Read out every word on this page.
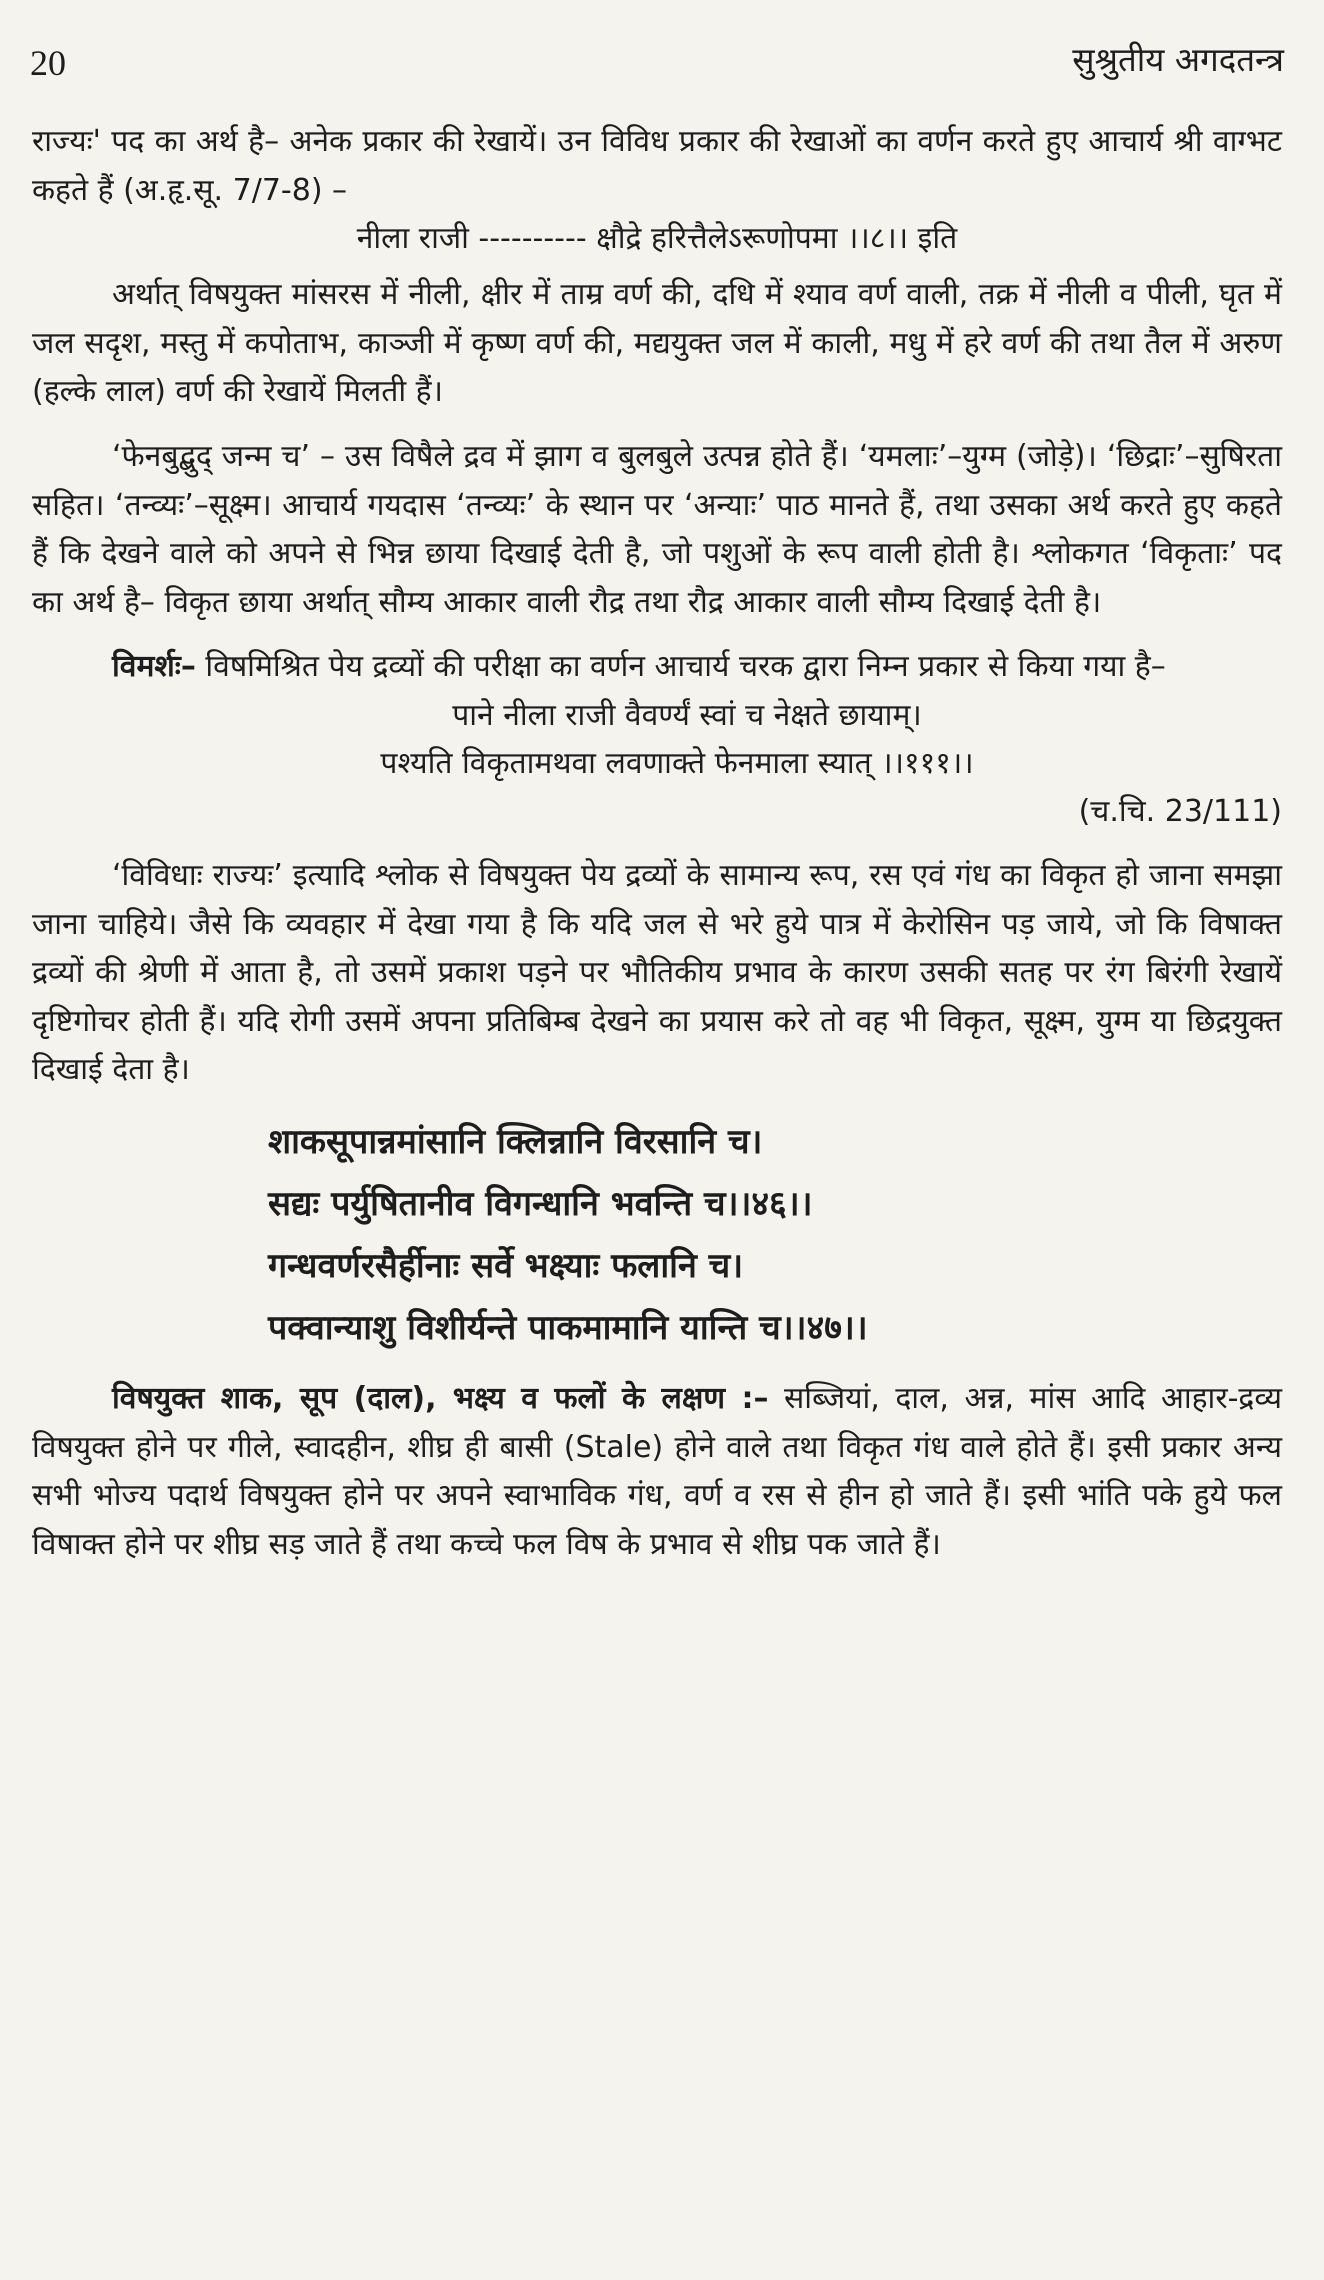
20	सुश्रुतीय अगदतन्त्र

राज्यः' पद का अर्थ है– अनेक प्रकार की रेखायें। उन विविध प्रकार की रेखाओं का वर्णन करते हुए आचार्य श्री वाग्भट कहते हैं (अ.हृ.सू. 7/7-8) –

नीला राजी ---------- क्षौद्रे हरित्तैलेऽरूणोपमा ।।८।। इति

अर्थात् विषयुक्त मांसरस में नीली, क्षीर में ताम्र वर्ण की, दधि में श्याव वर्ण वाली, तक्र में नीली व पीली, घृत में जल सदृश, मस्तु में कपोताभ, काञ्जी में कृष्ण वर्ण की, मद्ययुक्त जल में काली, मधु में हरे वर्ण की तथा तैल में अरुण (हल्के लाल) वर्ण की रेखायें मिलती हैं।

‘फेनबुद्बुद् जन्म च’ – उस विषैले द्रव में झाग व बुलबुले उत्पन्न होते हैं। ‘यमलाः’–युग्म (जोड़े)। ‘छिद्राः’–सुषिरता सहित। ‘तन्व्यः’–सूक्ष्म। आचार्य गयदास ‘तन्व्यः’ के स्थान पर ‘अन्याः’ पाठ मानते हैं, तथा उसका अर्थ करते हुए कहते हैं कि देखने वाले को अपने से भिन्न छाया दिखाई देती है, जो पशुओं के रूप वाली होती है। श्लोकगत ‘विकृताः’ पद का अर्थ है– विकृत छाया अर्थात् सौम्य आकार वाली रौद्र तथा रौद्र आकार वाली सौम्य दिखाई देती है।

विमर्शः– विषमिश्रित पेय द्रव्यों की परीक्षा का वर्णन आचार्य चरक द्वारा निम्न प्रकार से किया गया है–

पाने नीला राजी वैवर्ण्यं स्वां च नेक्षते छायाम्।

पश्यति विकृतामथवा लवणाक्ते फेनमाला स्यात् ।।१११।।

(च.चि. 23/111)

‘विविधाः राज्यः’ इत्यादि श्लोक से विषयुक्त पेय द्रव्यों के सामान्य रूप, रस एवं गंध का विकृत हो जाना समझा जाना चाहिये। जैसे कि व्यवहार में देखा गया है कि यदि जल से भरे हुये पात्र में केरोसिन पड़ जाये, जो कि विषाक्त द्रव्यों की श्रेणी में आता है, तो उसमें प्रकाश पड़ने पर भौतिकीय प्रभाव के कारण उसकी सतह पर रंग बिरंगी रेखायें दृष्टिगोचर होती हैं। यदि रोगी उसमें अपना प्रतिबिम्ब देखने का प्रयास करे तो वह भी विकृत, सूक्ष्म, युग्म या छिद्रयुक्त दिखाई देता है।

शाकसूपान्नमांसानि क्लिन्नानि विरसानि च।
सद्यः पर्युषितानीव विगन्धानि भवन्ति च।।४६।।
गन्धवर्णरसैर्हीनाः सर्वे भक्ष्याः फलानि च।
पक्वान्याशु विशीर्यन्ते पाकमामानि यान्ति च।।४७।।

विषयुक्त शाक, सूप (दाल), भक्ष्य व फलों के लक्षण :– सब्जियां, दाल, अन्न, मांस आदि आहार-द्रव्य विषयुक्त होने पर गीले, स्वादहीन, शीघ्र ही बासी (Stale) होने वाले तथा विकृत गंध वाले होते हैं। इसी प्रकार अन्य सभी भोज्य पदार्थ विषयुक्त होने पर अपने स्वाभाविक गंध, वर्ण व रस से हीन हो जाते हैं। इसी भांति पके हुये फल विषाक्त होने पर शीघ्र सड़ जाते हैं तथा कच्चे फल विष के प्रभाव से शीघ्र पक जाते हैं।
